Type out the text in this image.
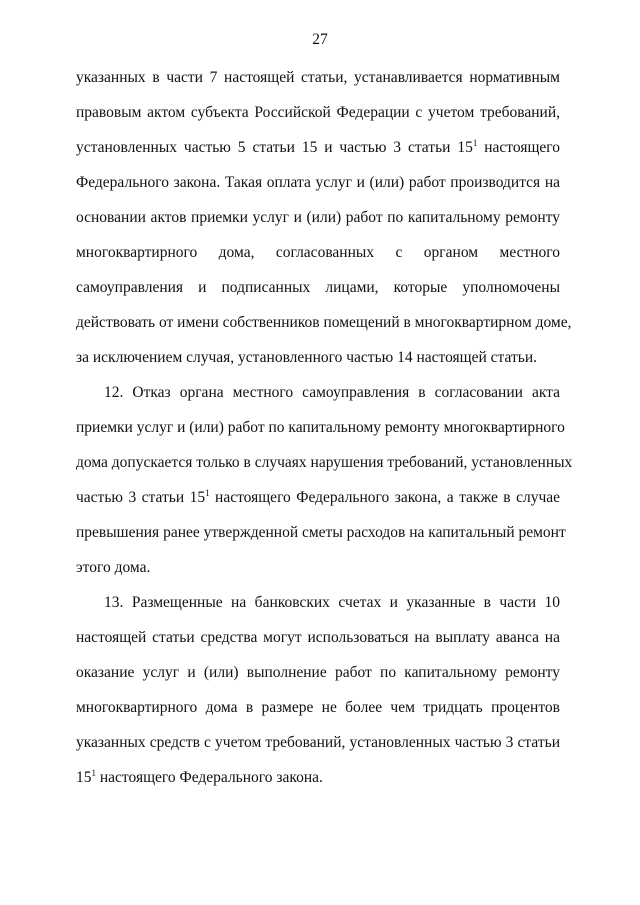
27
указанных в части 7 настоящей статьи, устанавливается нормативным
правовым актом субъекта Российской Федерации с учетом требований,
установленных частью 5 статьи 15 и частью 3 статьи $15^1$ настоящего
Федерального закона. Такая оплата услуг и (или) работ производится на
основании актов приемки услуг и (или) работ по капитальному ремонту
многоквартирного дома, согласованных с органом местного
самоуправления и подписанных лицами, которые уполномочены
действовать от имени собственников помещений в многоквартирном доме,
за исключением случая, установленного частью 14 настоящей статьи.
12. Отказ органа местного самоуправления в согласовании акта
приемки услуг и (или) работ по капитальному ремонту многоквартирного
дома допускается только в случаях нарушения требований, установленных
частью 3 статьи $15^1$ настоящего Федерального закона, а также в случае
превышения ранее утвержденной сметы расходов на капитальный ремонт
этого дома.
13. Размещенные на банковских счетах и указанные в части 10
настоящей статьи средства могут использоваться на выплату аванса на
оказание услуг и (или) выполнение работ по капитальному ремонту
многоквартирного дома в размере не более чем тридцать процентов
указанных средств с учетом требований, установленных частью 3 статьи
$15^1$ настоящего Федерального закона.
